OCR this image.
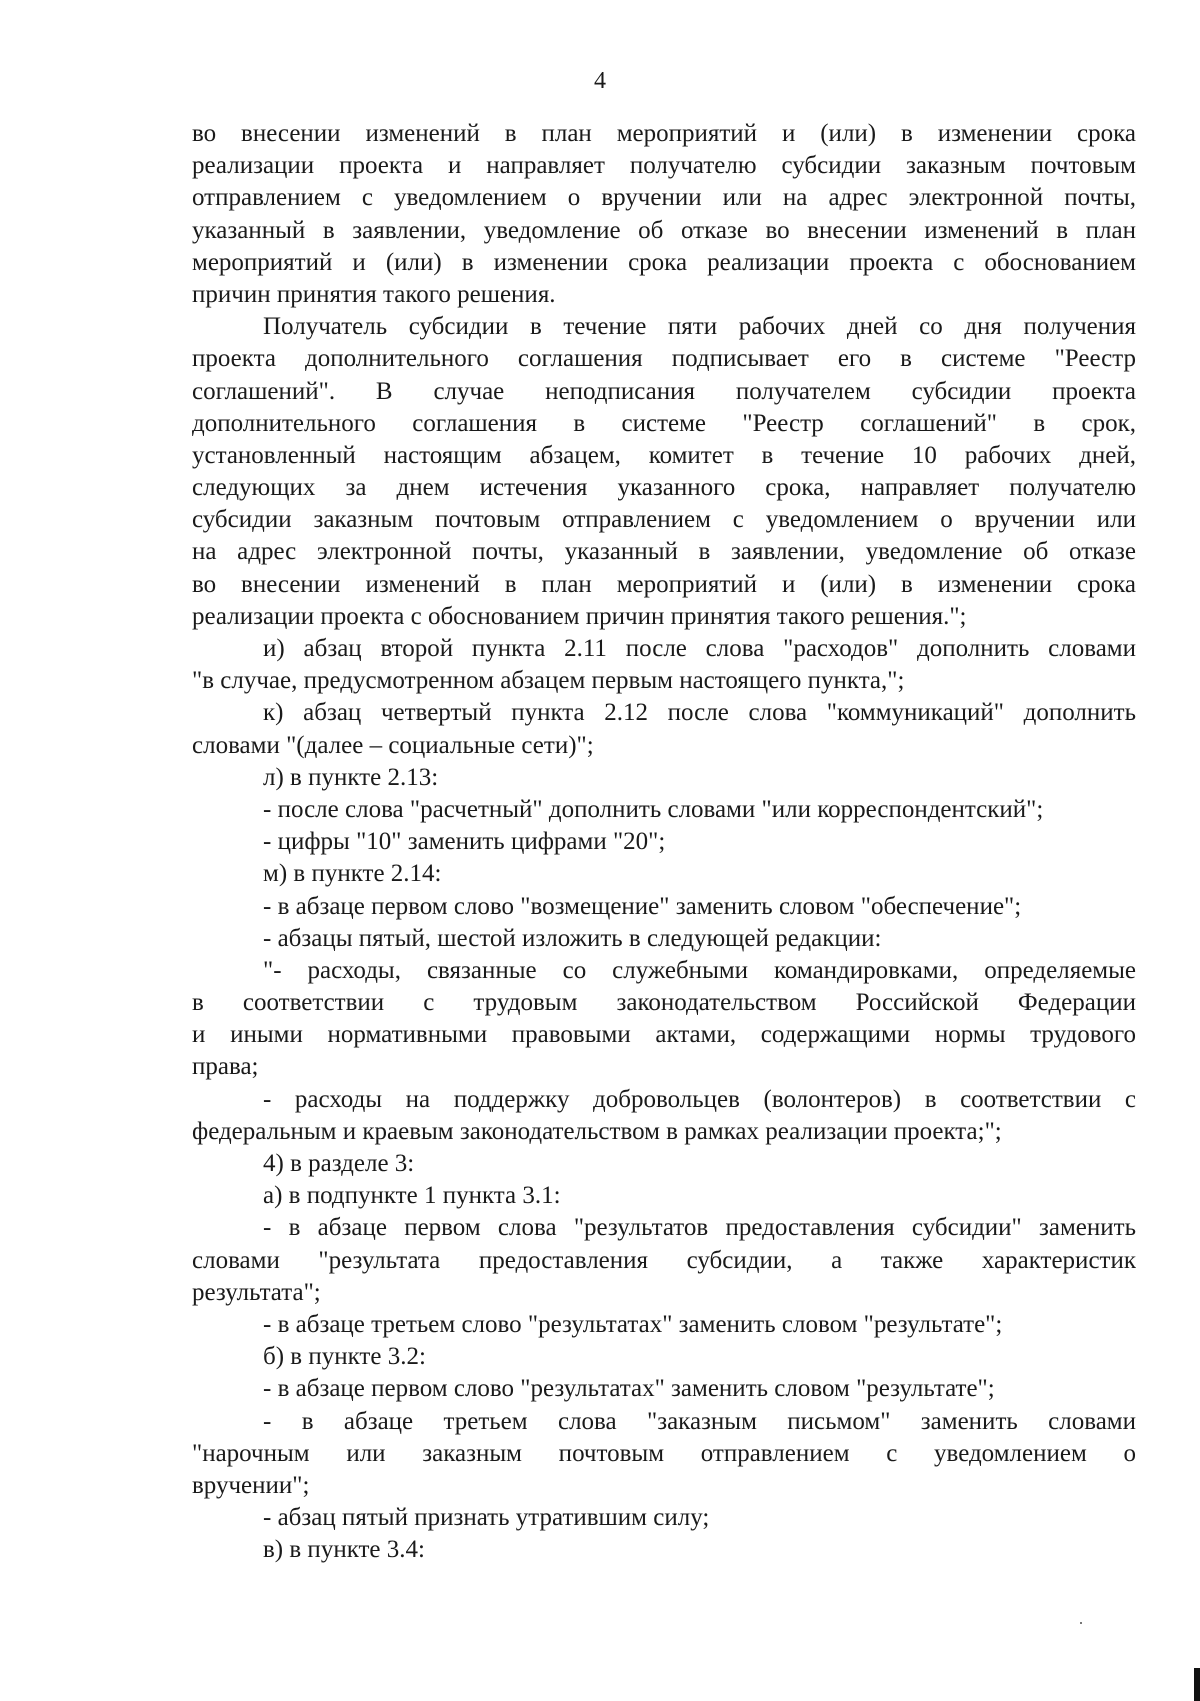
4
во внесении изменений в план мероприятий и (или) в изменении срока
реализации проекта и направляет получателю субсидии заказным почтовым
отправлением с уведомлением о вручении или на адрес электронной почты,
указанный в заявлении, уведомление об отказе во внесении изменений в план
мероприятий и (или) в изменении срока реализации проекта с обоснованием
причин принятия такого решения.
Получатель субсидии в течение пяти рабочих дней со дня получения
проекта дополнительного соглашения подписывает его в системе "Реестр
соглашений". В случае неподписания получателем субсидии проекта
дополнительного соглашения в системе "Реестр соглашений" в срок,
установленный настоящим абзацем, комитет в течение 10 рабочих дней,
следующих за днем истечения указанного срока, направляет получателю
субсидии заказным почтовым отправлением с уведомлением о вручении или
на адрес электронной почты, указанный в заявлении, уведомление об отказе
во внесении изменений в план мероприятий и (или) в изменении срока
реализации проекта с обоснованием причин принятия такого решения.";
и) абзац второй пункта 2.11 после слова "расходов" дополнить словами
"в случае, предусмотренном абзацем первым настоящего пункта,";
к) абзац четвертый пункта 2.12 после слова "коммуникаций" дополнить
словами "(далее – социальные сети)";
л) в пункте 2.13:
- после слова "расчетный" дополнить словами "или корреспондентский";
- цифры "10" заменить цифрами "20";
м) в пункте 2.14:
- в абзаце первом слово "возмещение" заменить словом "обеспечение";
- абзацы пятый, шестой изложить в следующей редакции:
"- расходы, связанные со служебными командировками, определяемые
в соответствии с трудовым законодательством Российской Федерации
и иными нормативными правовыми актами, содержащими нормы трудового
права;
- расходы на поддержку добровольцев (волонтеров) в соответствии с
федеральным и краевым законодательством в рамках реализации проекта;";
4) в разделе 3:
а) в подпункте 1 пункта 3.1:
- в абзаце первом слова "результатов предоставления субсидии" заменить
словами "результата предоставления субсидии, а также характеристик
результата";
- в абзаце третьем слово "результатах" заменить словом "результате";
б) в пункте 3.2:
- в абзаце первом слово "результатах" заменить словом "результате";
- в абзаце третьем слова "заказным письмом" заменить словами
"нарочным или заказным почтовым отправлением с уведомлением о
вручении";
- абзац пятый признать утратившим силу;
в) в пункте 3.4:
